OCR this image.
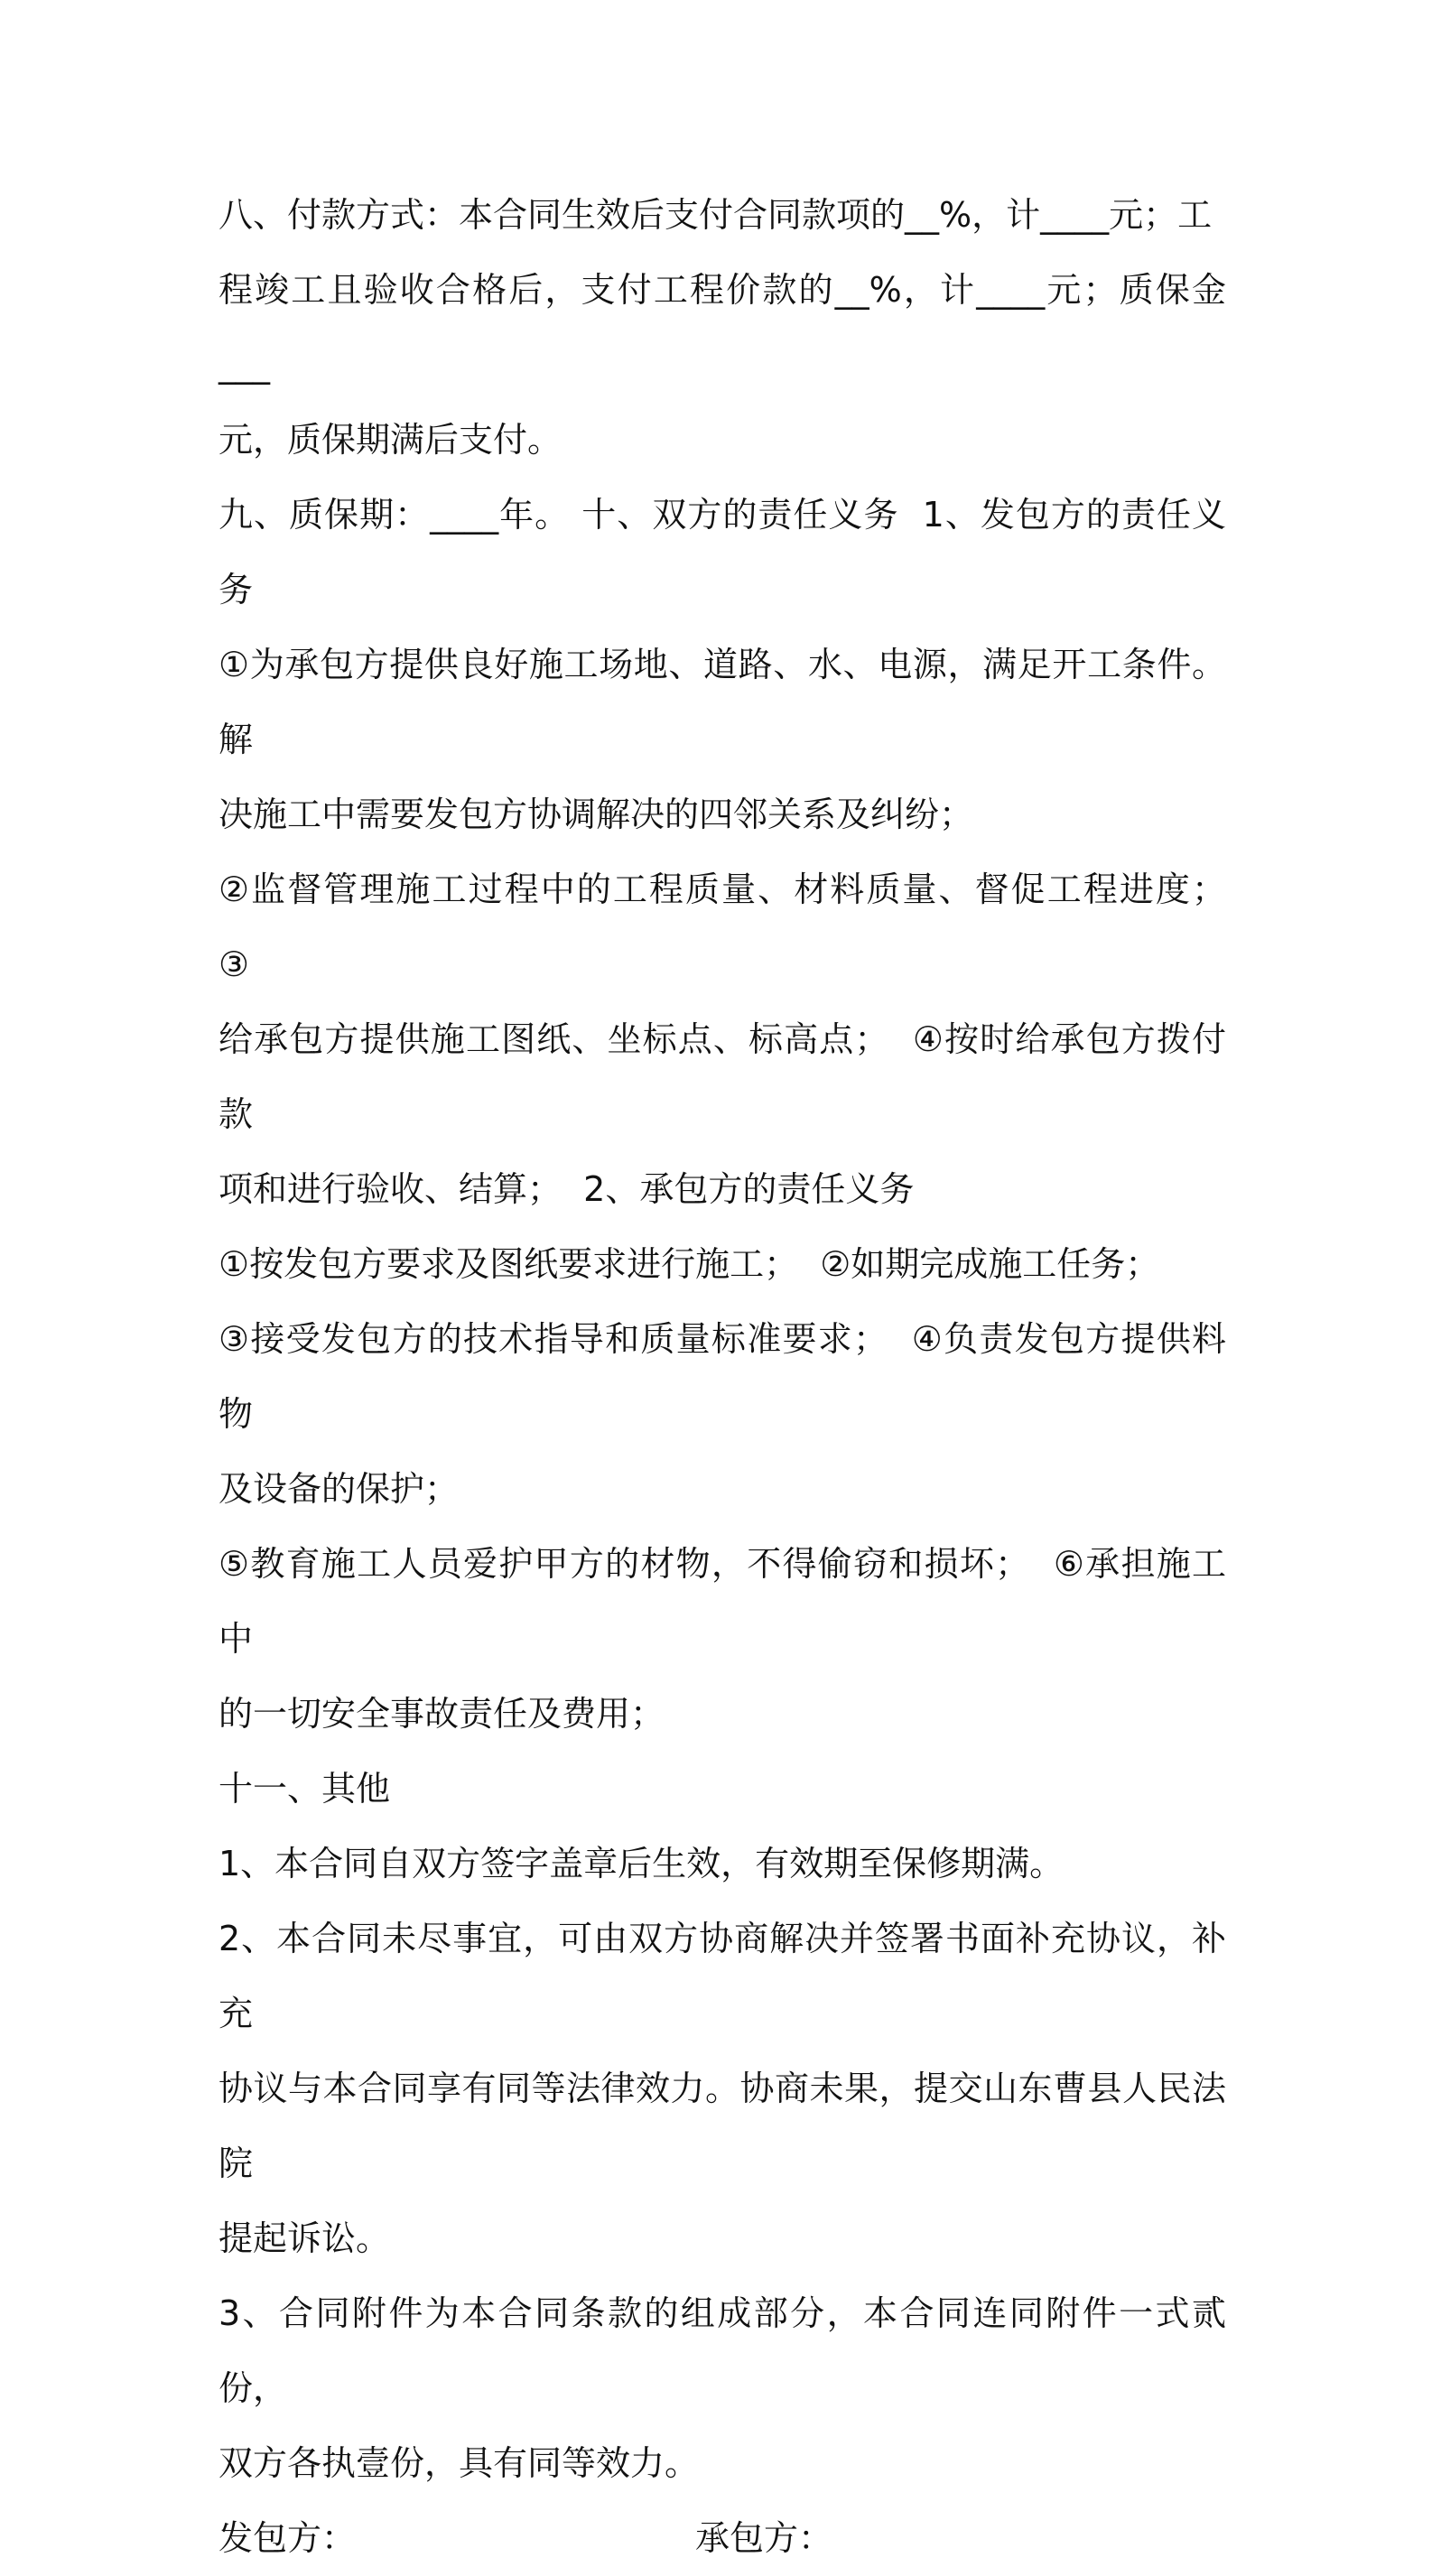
八、付款方式：本合同生效后支付合同款项的__%，计____元；工

程竣工且验收合格后，支付工程价款的__%，计____元；质保金___

元，质保期满后支付。

九、质保期：____年。 十、双方的责任义务  1、发包方的责任义务

①为承包方提供良好施工场地、道路、水、电源，满足开工条件。解

决施工中需要发包方协调解决的四邻关系及纠纷；

②监督管理施工过程中的工程质量、材料质量、督促工程进度；  ③

给承包方提供施工图纸、坐标点、标高点；  ④按时给承包方拨付款

项和进行验收、结算；  2、承包方的责任义务

①按发包方要求及图纸要求进行施工；  ②如期完成施工任务；

③接受发包方的技术指导和质量标准要求；  ④负责发包方提供料物

及设备的保护；

⑤教育施工人员爱护甲方的材物，不得偷窃和损坏；  ⑥承担施工中

的一切安全事故责任及费用；

十一、其他

1、本合同自双方签字盖章后生效，有效期至保修期满。

2、本合同未尽事宜，可由双方协商解决并签署书面补充协议，补充

协议与本合同享有同等法律效力。协商未果，提交山东曹县人民法院

提起诉讼。

3、合同附件为本合同条款的组成部分，本合同连同附件一式贰份，

双方各执壹份，具有同等效力。

发包方：	承包方：
